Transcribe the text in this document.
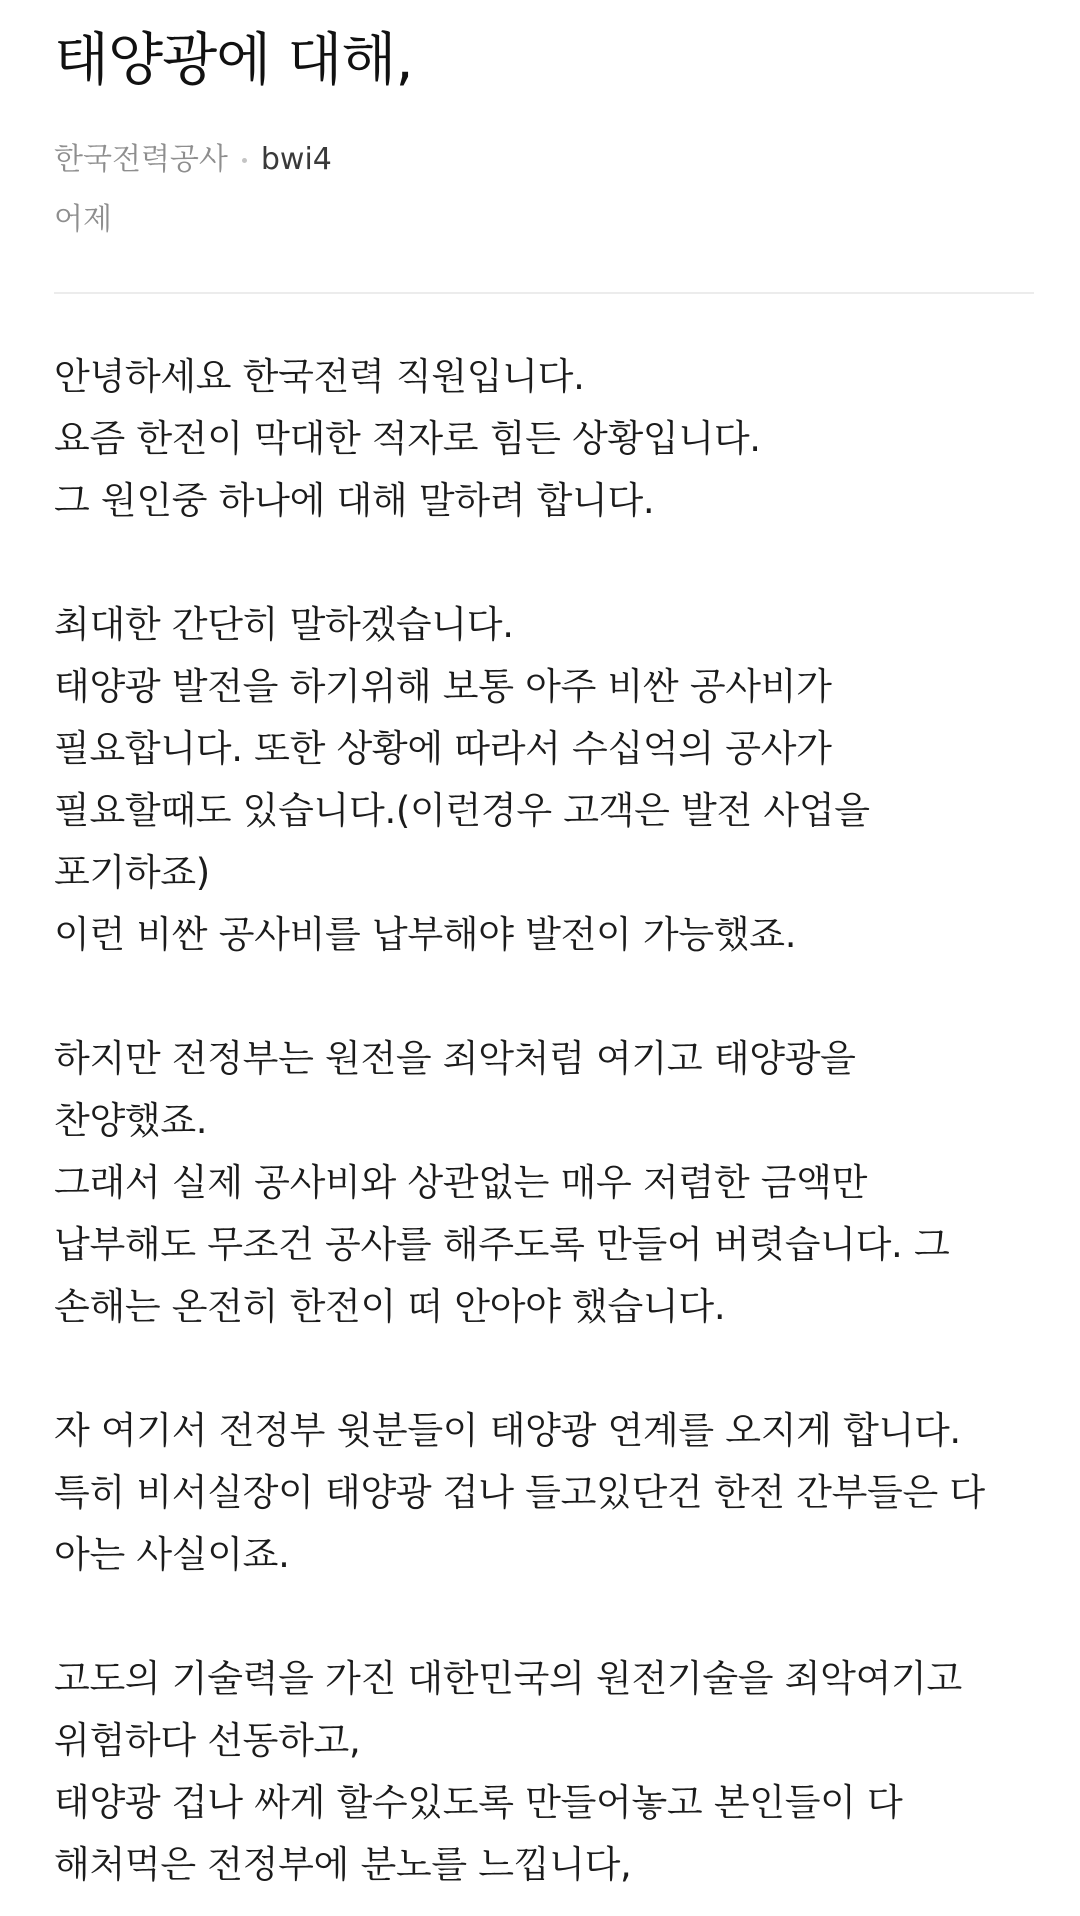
태양광에 대해,
한국전력공사 bwi4
어제
안녕하세요 한국전력 직원입니다.
요즘 한전이 막대한 적자로 힘든 상황입니다.
그 원인중 하나에 대해 말하려 합니다.
최대한 간단히 말하겠습니다.
태양광 발전을 하기위해 보통 아주 비싼 공사비가
필요합니다. 또한 상황에 따라서 수십억의 공사가
필요할때도 있습니다.(이런경우 고객은 발전 사업을
포기하죠)
이런 비싼 공사비를 납부해야 발전이 가능했죠.
하지만 전정부는 원전을 죄악처럼 여기고 태양광을
찬양했죠.
그래서 실제 공사비와 상관없는 매우 저렴한 금액만
납부해도 무조건 공사를 해주도록 만들어 버렷습니다. 그
손해는 온전히 한전이 떠 안아야 했습니다.
자 여기서 전정부 윗분들이 태양광 연계를 오지게 합니다.
특히 비서실장이 태양광 겁나 들고있단건 한전 간부들은 다
아는 사실이죠.
고도의 기술력을 가진 대한민국의 원전기술을 죄악여기고
위험하다 선동하고,
태양광 겁나 싸게 할수있도록 만들어놓고 본인들이 다
해처먹은 전정부에 분노를 느낍니다,
